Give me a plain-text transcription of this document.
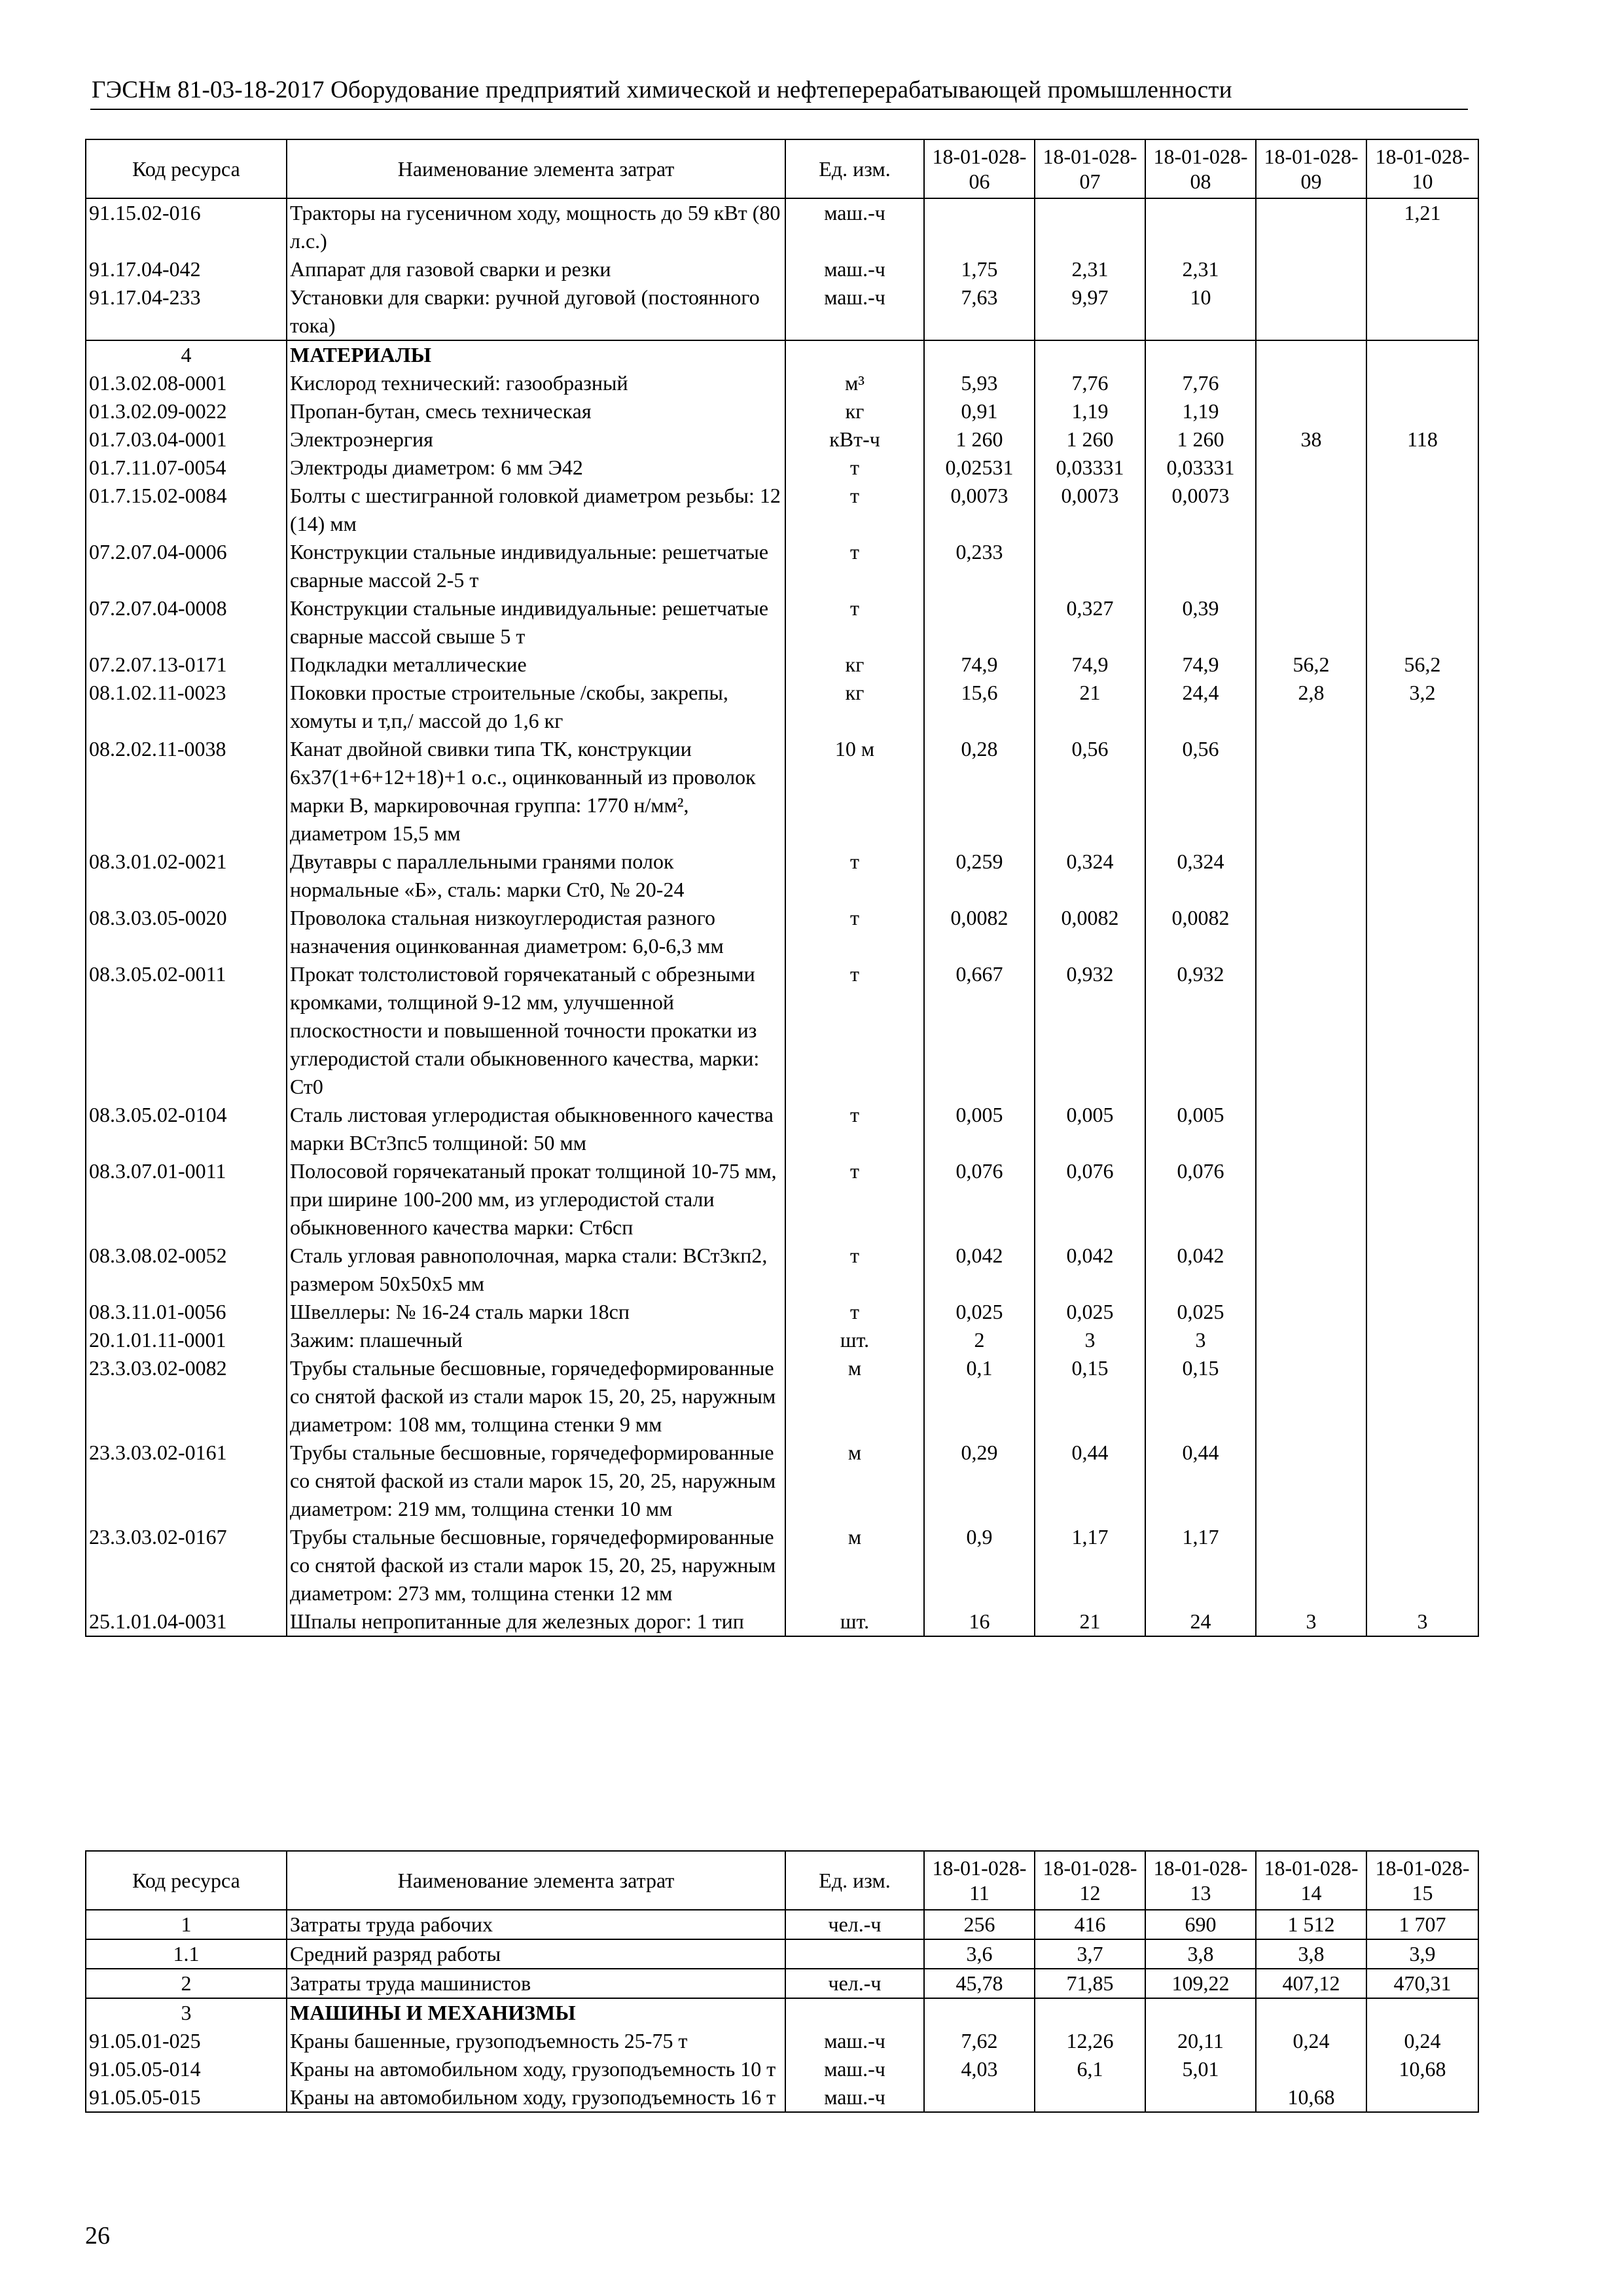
ГЭСНм 81-03-18-2017 Оборудование предприятий химической и нефтеперерабатывающей промышленности
Код ресурса	Наименование элемента затрат	Ед. изм.	18-01-028-06	18-01-028-07	18-01-028-08	18-01-028-09	18-01-028-10
91.15.02-016	Тракторы на гусеничном ходу, мощность до 59 кВт (80 л.с.)	маш.-ч					1,21
91.17.04-042	Аппарат для газовой сварки и резки	маш.-ч	1,75	2,31	2,31		
91.17.04-233	Установки для сварки: ручной дуговой (постоянного тока)	маш.-ч	7,63	9,97	10		
4	МАТЕРИАЛЫ						
01.3.02.08-0001	Кислород технический: газообразный	м³	5,93	7,76	7,76		
01.3.02.09-0022	Пропан-бутан, смесь техническая	кг	0,91	1,19	1,19		
01.7.03.04-0001	Электроэнергия	кВт-ч	1 260	1 260	1 260	38	118
01.7.11.07-0054	Электроды диаметром: 6 мм Э42	т	0,02531	0,03331	0,03331		
01.7.15.02-0084	Болты с шестигранной головкой диаметром резьбы: 12 (14) мм	т	0,0073	0,0073	0,0073		
07.2.07.04-0006	Конструкции стальные индивидуальные: решетчатые сварные массой 2-5 т	т	0,233				
07.2.07.04-0008	Конструкции стальные индивидуальные: решетчатые сварные массой свыше 5 т	т		0,327	0,39		
07.2.07.13-0171	Подкладки металлические	кг	74,9	74,9	74,9	56,2	56,2
08.1.02.11-0023	Поковки простые строительные /скобы, закрепы, хомуты и т,п,/ массой до 1,6 кг	кг	15,6	21	24,4	2,8	3,2
08.2.02.11-0038	Канат двойной свивки типа ТК, конструкции 6х37(1+6+12+18)+1 о.с., оцинкованный из проволок марки В, маркировочная группа: 1770 н/мм², диаметром 15,5 мм	10 м	0,28	0,56	0,56		
08.3.01.02-0021	Двутавры с параллельными гранями полок нормальные «Б», сталь: марки Ст0, № 20-24	т	0,259	0,324	0,324		
08.3.03.05-0020	Проволока стальная низкоуглеродистая разного назначения оцинкованная диаметром: 6,0-6,3 мм	т	0,0082	0,0082	0,0082		
08.3.05.02-0011	Прокат толстолистовой горячекатаный с обрезными кромками, толщиной 9-12 мм, улучшенной плоскостности и повышенной точности прокатки из углеродистой стали обыкновенного качества, марки: Ст0	т	0,667	0,932	0,932		
08.3.05.02-0104	Сталь листовая углеродистая обыкновенного качества марки ВСт3пс5 толщиной: 50 мм	т	0,005	0,005	0,005		
08.3.07.01-0011	Полосовой горячекатаный прокат толщиной 10-75 мм, при ширине 100-200 мм, из углеродистой стали обыкновенного качества марки: Ст6сп	т	0,076	0,076	0,076		
08.3.08.02-0052	Сталь угловая равнополочная, марка стали: ВСт3кп2, размером 50х50х5 мм	т	0,042	0,042	0,042		
08.3.11.01-0056	Швеллеры: № 16-24 сталь марки 18сп	т	0,025	0,025	0,025		
20.1.01.11-0001	Зажим: плашечный	шт.	2	3	3		
23.3.03.02-0082	Трубы стальные бесшовные, горячедеформированные со снятой фаской из стали марок 15, 20, 25, наружным диаметром: 108 мм, толщина стенки 9 мм	м	0,1	0,15	0,15		
23.3.03.02-0161	Трубы стальные бесшовные, горячедеформированные со снятой фаской из стали марок 15, 20, 25, наружным диаметром: 219 мм, толщина стенки 10 мм	м	0,29	0,44	0,44		
23.3.03.02-0167	Трубы стальные бесшовные, горячедеформированные со снятой фаской из стали марок 15, 20, 25, наружным диаметром: 273 мм, толщина стенки 12 мм	м	0,9	1,17	1,17		
25.1.01.04-0031	Шпалы непропитанные для железных дорог: 1 тип	шт.	16	21	24	3	3
Код ресурса	Наименование элемента затрат	Ед. изм.	18-01-028-11	18-01-028-12	18-01-028-13	18-01-028-14	18-01-028-15
1	Затраты труда рабочих	чел.-ч	256	416	690	1 512	1 707
1.1	Средний разряд работы		3,6	3,7	3,8	3,8	3,9
2	Затраты труда машинистов	чел.-ч	45,78	71,85	109,22	407,12	470,31
3	МАШИНЫ И МЕХАНИЗМЫ						
91.05.01-025	Краны башенные, грузоподъемность 25-75 т	маш.-ч	7,62	12,26	20,11	0,24	0,24
91.05.05-014	Краны на автомобильном ходу, грузоподъемность 10 т	маш.-ч	4,03	6,1	5,01		10,68
91.05.05-015	Краны на автомобильном ходу, грузоподъемность 16 т	маш.-ч				10,68	
26
